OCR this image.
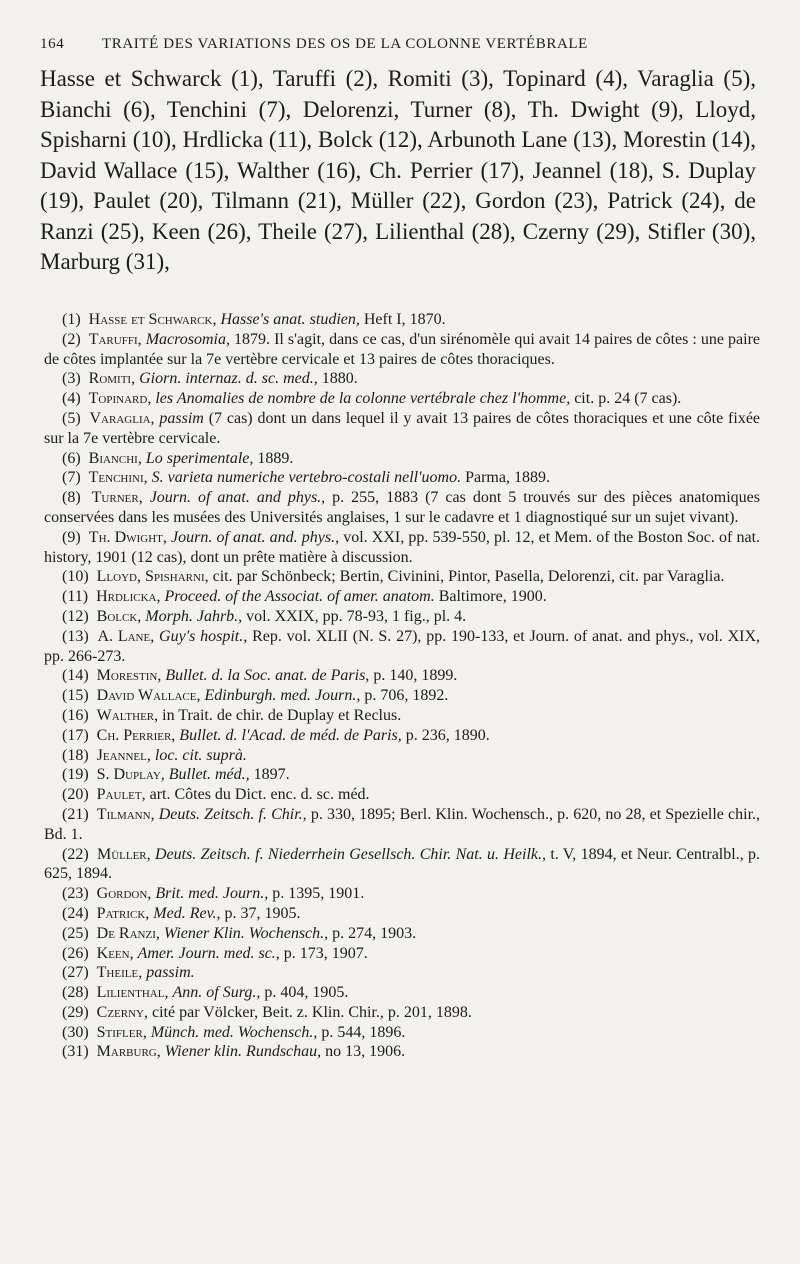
164	TRAITÉ DES VARIATIONS DES OS DE LA COLONNE VERTÉBRALE

Hasse et Schwarck (1), Taruffi (2), Romiti (3), Topinard (4), Varaglia (5), Bianchi (6), Tenchini (7), Delorenzi, Turner (8), Th. Dwight (9), Lloyd, Spisharni (10), Hrdlicka (11), Bolck (12), Arbunoth Lane (13), Morestin (14), David Wallace (15), Walther (16), Ch. Perrier (17), Jeannel (18), S. Duplay (19), Paulet (20), Tilmann (21), Müller (22), Gordon (23), Patrick (24), de Ranzi (25), Keen (26), Theile (27), Lilienthal (28), Czerny (29), Stifler (30), Marburg (31),

(1) Hasse et Schwarck, Hasse's anat. studien, Heft I, 1870.

(2) Taruffi, Macrosomia, 1879. Il s'agit, dans ce cas, d'un sirénomèle qui avait 14 paires de côtes : une paire de côtes implantée sur la 7e vertèbre cervicale et 13 paires de côtes thoraciques.

(3) Romiti, Giorn. internaz. d. sc. med., 1880.

(4) Topinard, les Anomalies de nombre de la colonne vertébrale chez l'homme, cit. p. 24 (7 cas).

(5) Varaglia, passim (7 cas) dont un dans lequel il y avait 13 paires de côtes thoraciques et une côte fixée sur la 7e vertèbre cervicale.

(6) Bianchi, Lo sperimentale, 1889.

(7) Tenchini, S. varieta numeriche vertebro-costali nell'uomo. Parma, 1889.

(8) Turner, Journ. of anat. and phys., p. 255, 1883 (7 cas dont 5 trouvés sur des pièces anatomiques conservées dans les musées des Universités anglaises, 1 sur le cadavre et 1 diagnostiqué sur un sujet vivant).

(9) Th. Dwight, Journ. of anat. and. phys., vol. XXI, pp. 539-550, pl. 12, et Mem. of the Boston Soc. of nat. history, 1901 (12 cas), dont un prête matière à discussion.

(10) Lloyd, Spisharni, cit. par Schönbeck; Bertin, Civinini, Pintor, Pasella, Delorenzi, cit. par Varaglia.

(11) Hrdlicka, Proceed. of the Associat. of amer. anatom. Baltimore, 1900.

(12) Bolck, Morph. Jahrb., vol. XXIX, pp. 78-93, 1 fig., pl. 4.

(13) A. Lane, Guy's hospit., Rep. vol. XLII (N. S. 27), pp. 190-133, et Journ. of anat. and phys., vol. XIX, pp. 266-273.

(14) Morestin, Bullet. d. la Soc. anat. de Paris, p. 140, 1899.

(15) David Wallace, Edinburgh. med. Journ., p. 706, 1892.

(16) Walther, in Trait. de chir. de Duplay et Reclus.

(17) Ch. Perrier, Bullet. d. l'Acad. de méd. de Paris, p. 236, 1890.

(18) Jeannel, loc. cit. suprà.

(19) S. Duplay, Bullet. méd., 1897.

(20) Paulet, art. Côtes du Dict. enc. d. sc. méd.

(21) Tilmann, Deuts. Zeitsch. f. Chir., p. 330, 1895; Berl. Klin. Wochensch., p. 620, no 28, et Spezielle chir., Bd. 1.

(22) Müller, Deuts. Zeitsch. f. Niederrhein Gesellsch. Chir. Nat. u. Heilk., t. V, 1894, et Neur. Centralbl., p. 625, 1894.

(23) Gordon, Brit. med. Journ., p. 1395, 1901.

(24) Patrick, Med. Rev., p. 37, 1905.

(25) De Ranzi, Wiener Klin. Wochensch., p. 274, 1903.

(26) Keen, Amer. Journ. med. sc., p. 173, 1907.

(27) Theile, passim.

(28) Lilienthal, Ann. of Surg., p. 404, 1905.

(29) Czerny, cité par Völcker, Beit. z. Klin. Chir., p. 201, 1898.

(30) Stifler, Münch. med. Wochensch., p. 544, 1896.

(31) Marburg, Wiener klin. Rundschau, no 13, 1906.
